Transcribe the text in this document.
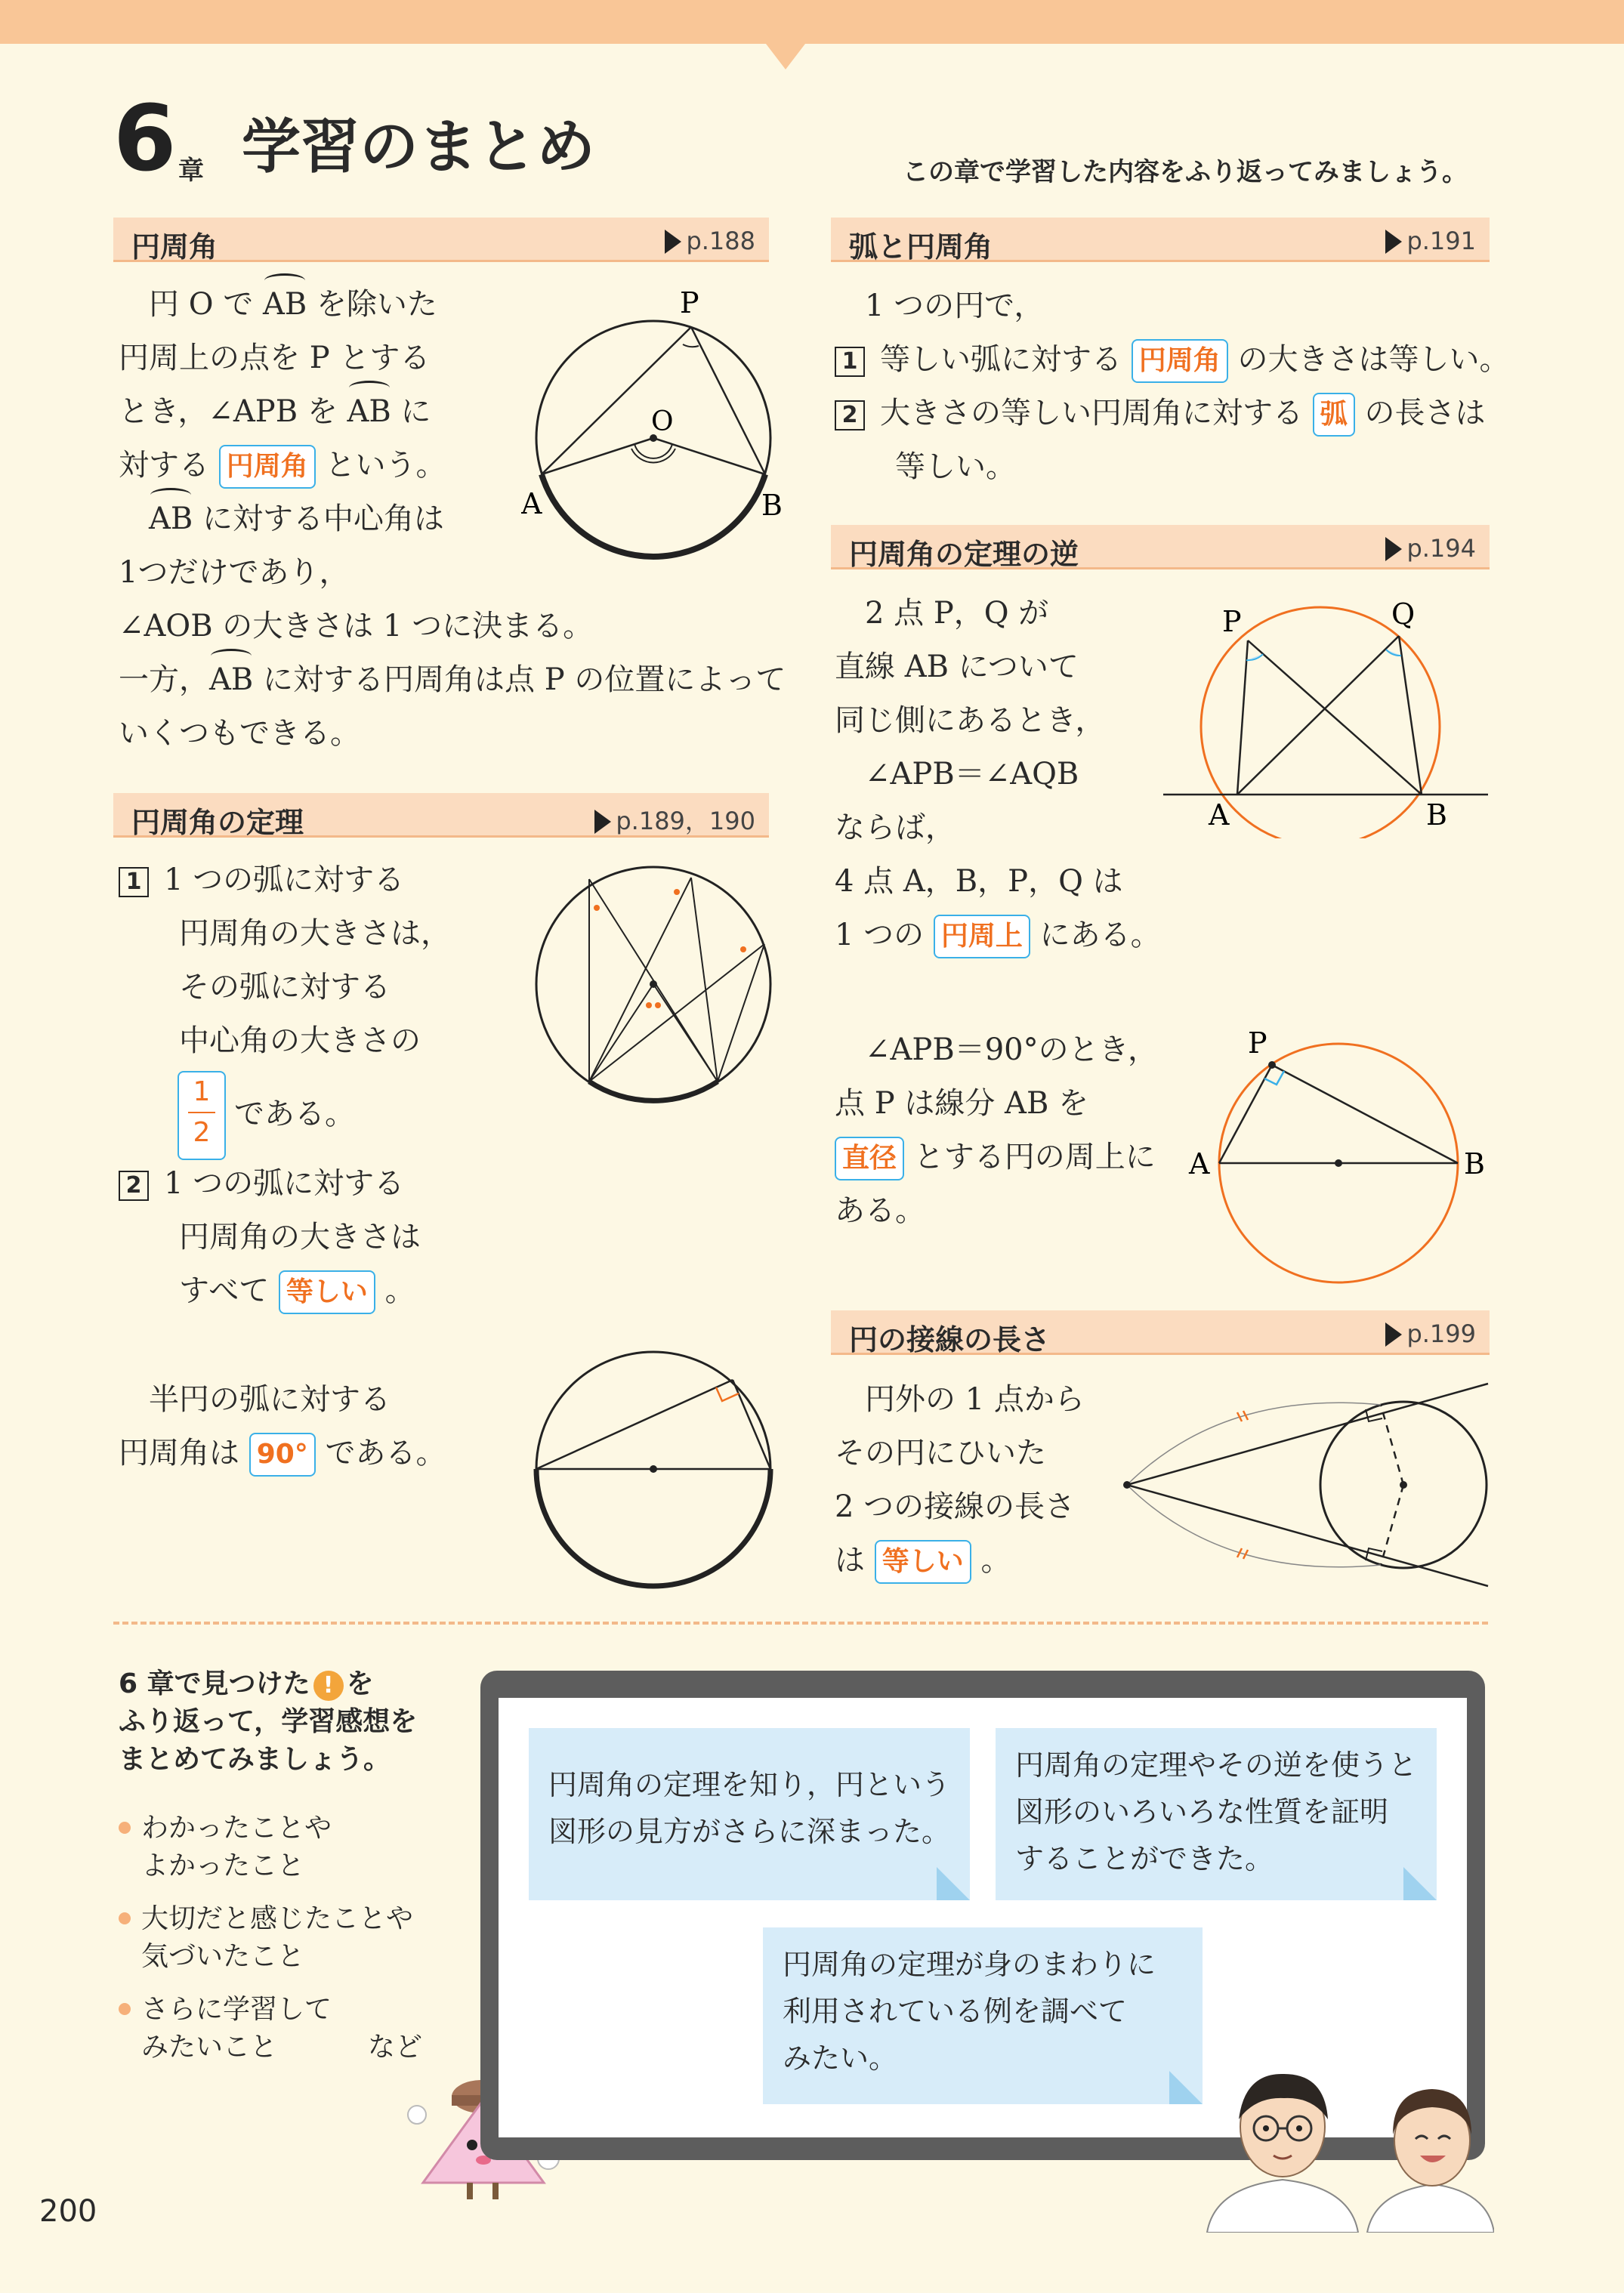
6 章 学習のまとめ	この章で学習した内容をふり返ってみましょう。
円周角	p.188
 円 O で AB を除いた
円周上の点を P とする
とき，∠APB を AB に
対する 円周角 という。
 AB に対する中心角は
1つだけであり，
∠AOB の大きさは 1 つに決まる。
一方，AB に対する円周角は点 P の位置によって
いくつもできる。
P
O
A	B
円周角の定理	p.189，190
1  1 つの弧に対する
円周角の大きさは，
その弧に対する
中心角の大きさの
1
2
である。
2  1 つの弧に対する
円周角の大きさは
すべて 等しい 。
 半円の弧に対する
円周角は 90° である。
弧と円周角	p.191
 1 つの円で，
1  等しい弧に対する 円周角 の大きさは等しい。
2  大きさの等しい円周角に対する 弧 の長さは
等しい。
円周角の定理の逆	p.194
 2 点 P，Q が
直線 AB について
同じ側にあるとき，
 ∠APB＝∠AQB
ならば，
4 点 A，B，P，Q は
1 つの 円周上 にある。
P	Q
A	B
 ∠APB＝90°のとき，
点 P は線分 AB を
直径 とする円の周上に
ある。
P
A	B
円の接線の長さ	p.199
 円外の 1 点から
その円にひいた
2 つの接線の長さ
は 等しい 。
6 章で見つけた ! を
ふり返って，学習感想を
まとめてみましょう。
わかったことや
よかったこと
大切だと感じたことや
気づいたこと
さらに学習して
みたいこと	など
円周角の定理を知り，円という
図形の見方がさらに深まった。
円周角の定理やその逆を使うと
図形のいろいろな性質を証明
することができた。
円周角の定理が身のまわりに
利用されている例を調べて
みたい。
200
